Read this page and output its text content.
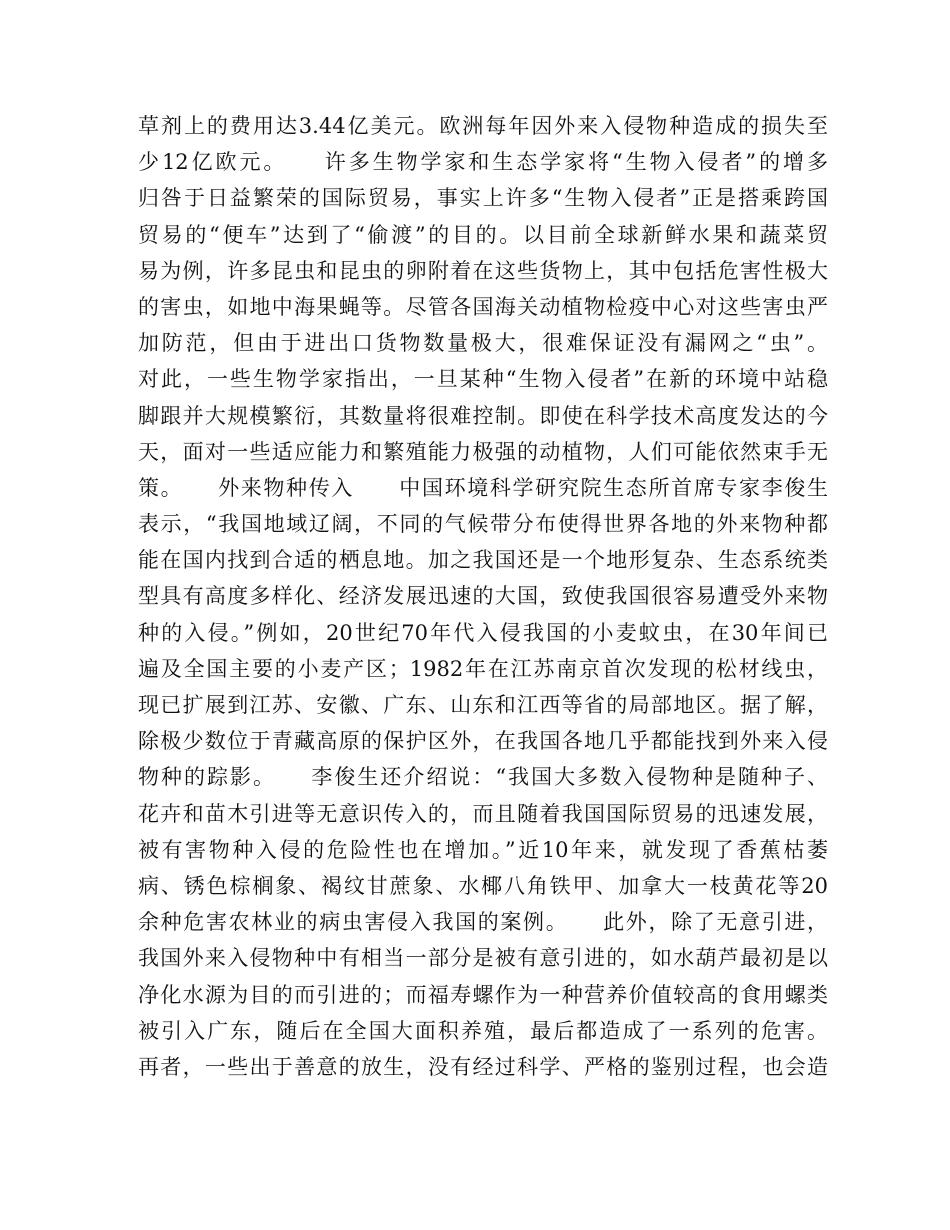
草剂上的费用达3.44亿美元。欧洲每年因外来入侵物种造成的损失至
少12亿欧元。　　许多生物学家和生态学家将“生物入侵者”的增多
归咎于日益繁荣的国际贸易，事实上许多“生物入侵者”正是搭乘跨国
贸易的“便车”达到了“偷渡”的目的。以目前全球新鲜水果和蔬菜贸
易为例，许多昆虫和昆虫的卵附着在这些货物上，其中包括危害性极大
的害虫，如地中海果蝇等。尽管各国海关动植物检疫中心对这些害虫严
加防范，但由于进出口货物数量极大，很难保证没有漏网之“虫”。
对此，一些生物学家指出，一旦某种“生物入侵者”在新的环境中站稳
脚跟并大规模繁衍，其数量将很难控制。即使在科学技术高度发达的今
天，面对一些适应能力和繁殖能力极强的动植物，人们可能依然束手无
策。　　外来物种传入　　中国环境科学研究院生态所首席专家李俊生
表示，“我国地域辽阔，不同的气候带分布使得世界各地的外来物种都
能在国内找到合适的栖息地。加之我国还是一个地形复杂、生态系统类
型具有高度多样化、经济发展迅速的大国，致使我国很容易遭受外来物
种的入侵。”例如，20世纪70年代入侵我国的小麦蚊虫，在30年间已
遍及全国主要的小麦产区；1982年在江苏南京首次发现的松材线虫，
现已扩展到江苏、安徽、广东、山东和江西等省的局部地区。据了解，
除极少数位于青藏高原的保护区外，在我国各地几乎都能找到外来入侵
物种的踪影。　　李俊生还介绍说：“我国大多数入侵物种是随种子、
花卉和苗木引进等无意识传入的，而且随着我国国际贸易的迅速发展，
被有害物种入侵的危险性也在增加。”近10年来，就发现了香蕉枯萎
病、锈色棕榈象、褐纹甘蔗象、水椰八角铁甲、加拿大一枝黄花等20
余种危害农林业的病虫害侵入我国的案例。　　此外，除了无意引进，
我国外来入侵物种中有相当一部分是被有意引进的，如水葫芦最初是以
净化水源为目的而引进的；而福寿螺作为一种营养价值较高的食用螺类
被引入广东，随后在全国大面积养殖，最后都造成了一系列的危害。
再者，一些出于善意的放生，没有经过科学、严格的鉴别过程，也会造
